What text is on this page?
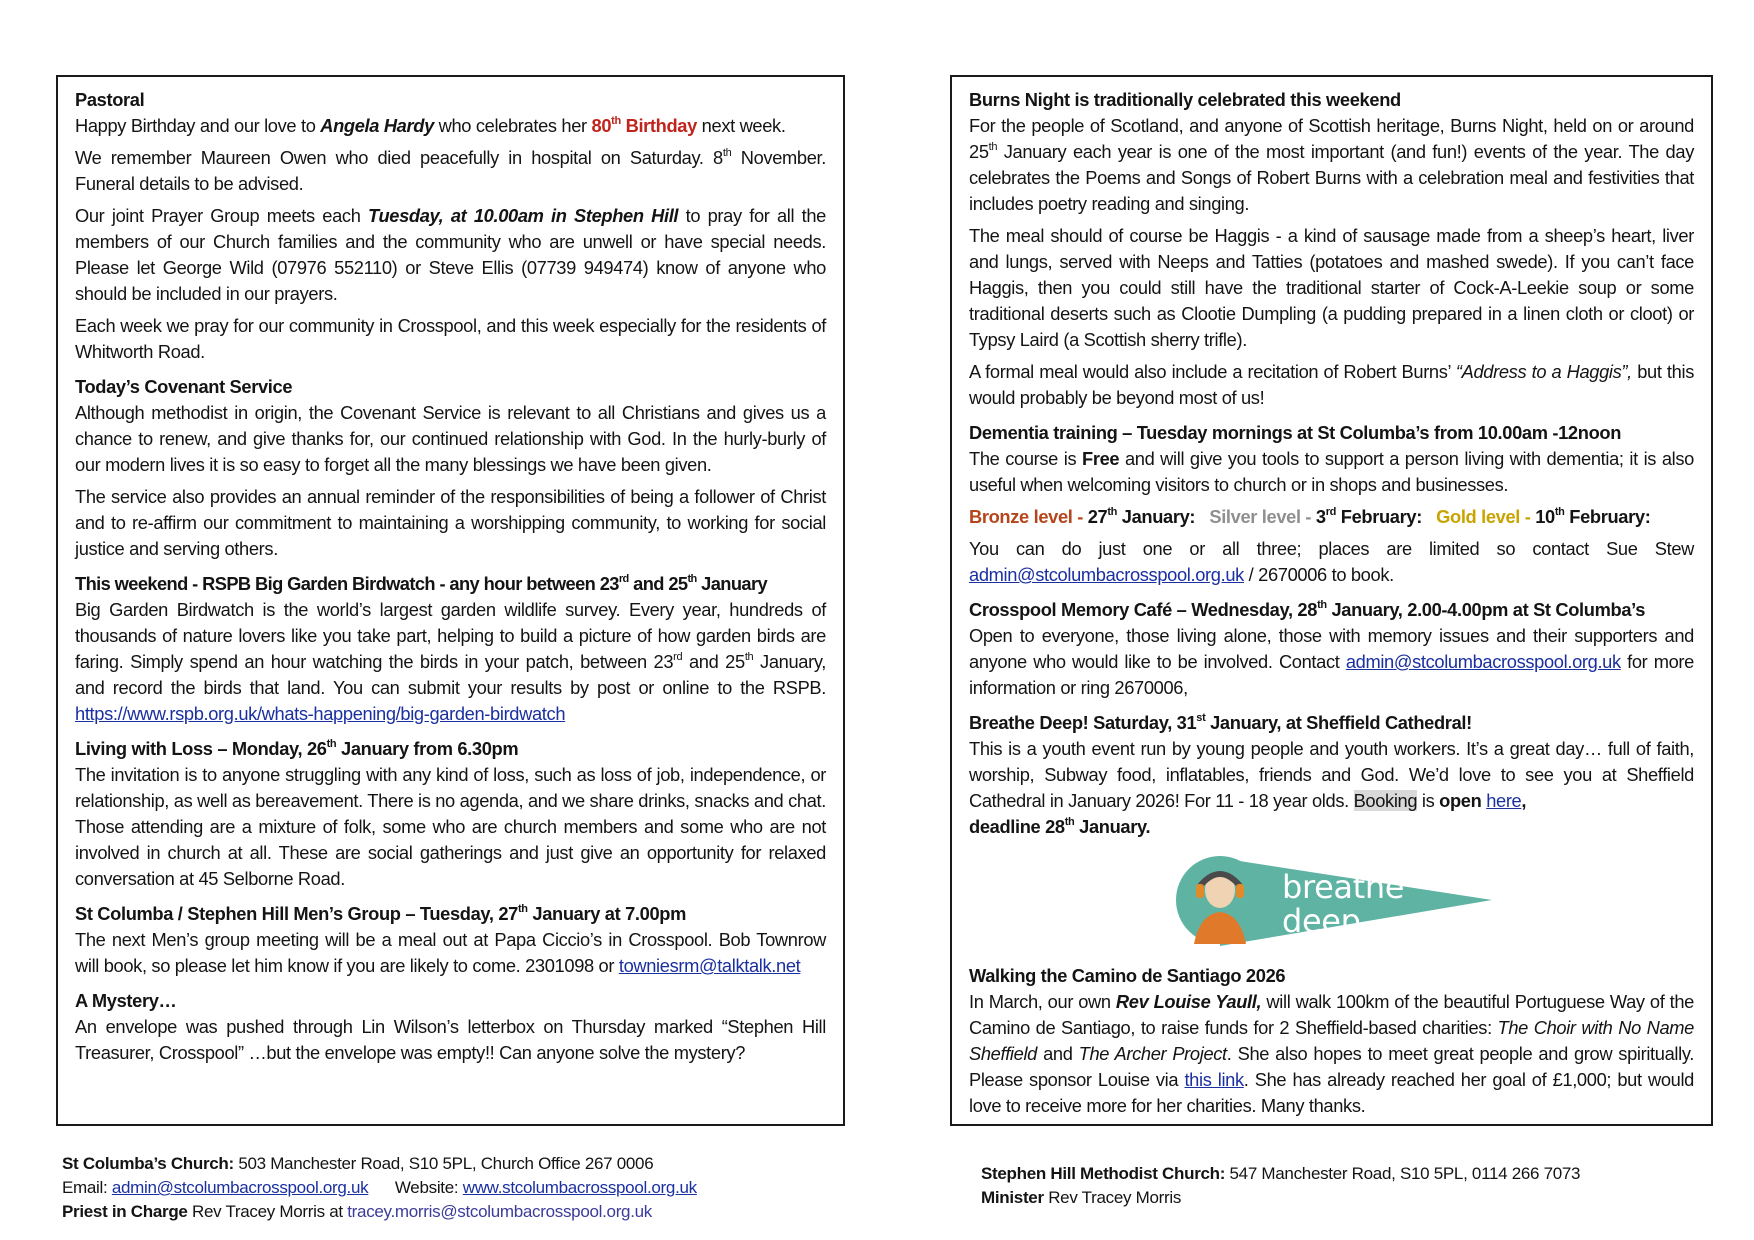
Pastoral

Happy Birthday and our love to Angela Hardy who celebrates her 80th Birthday next week.

We remember Maureen Owen who died peacefully in hospital on Saturday. 8th November. Funeral details to be advised.

Our joint Prayer Group meets each Tuesday, at 10.00am in Stephen Hill to pray for all the members of our Church families and the community who are unwell or have special needs. Please let George Wild (07976 552110) or Steve Ellis (07739 949474) know of anyone who should be included in our prayers.

Each week we pray for our community in Crosspool, and this week especially for the residents of Whitworth Road.

Today’s Covenant Service

Although methodist in origin, the Covenant Service is relevant to all Christians and gives us a chance to renew, and give thanks for, our continued relationship with God. In the hurly-burly of our modern lives it is so easy to forget all the many blessings we have been given.

The service also provides an annual reminder of the responsibilities of being a follower of Christ and to re-affirm our commitment to maintaining a worshipping community, to working for social justice and serving others.

This weekend - RSPB Big Garden Birdwatch - any hour between 23rd and 25th January

Big Garden Birdwatch is the world’s largest garden wildlife survey. Every year, hundreds of thousands of nature lovers like you take part, helping to build a picture of how garden birds are faring. Simply spend an hour watching the birds in your patch, between 23rd and 25th January, and record the birds that land. You can submit your results by post or online to the RSPB. https://www.rspb.org.uk/whats-happening/big-garden-birdwatch

Living with Loss – Monday, 26th January from 6.30pm

The invitation is to anyone struggling with any kind of loss, such as loss of job, independence, or relationship, as well as bereavement. There is no agenda, and we share drinks, snacks and chat. Those attending are a mixture of folk, some who are church members and some who are not involved in church at all. These are social gatherings and just give an opportunity for relaxed conversation at 45 Selborne Road.

St Columba / Stephen Hill Men’s Group – Tuesday, 27th January at 7.00pm

The next Men’s group meeting will be a meal out at Papa Ciccio’s in Crosspool. Bob Townrow will book, so please let him know if you are likely to come. 2301098 or towniesrm@talktalk.net

A Mystery…

An envelope was pushed through Lin Wilson’s letterbox on Thursday marked “Stephen Hill Treasurer, Crosspool” …but the envelope was empty!! Can anyone solve the mystery?

Burns Night is traditionally celebrated this weekend

For the people of Scotland, and anyone of Scottish heritage, Burns Night, held on or around 25th January each year is one of the most important (and fun!) events of the year. The day celebrates the Poems and Songs of Robert Burns with a celebration meal and festivities that includes poetry reading and singing.

The meal should of course be Haggis - a kind of sausage made from a sheep’s heart, liver and lungs, served with Neeps and Tatties (potatoes and mashed swede). If you can’t face Haggis, then you could still have the traditional starter of Cock-A-Leekie soup or some traditional deserts such as Clootie Dumpling (a pudding prepared in a linen cloth or cloot) or Typsy Laird (a Scottish sherry trifle).

A formal meal would also include a recitation of Robert Burns’ “Address to a Haggis”, but this would probably be beyond most of us!

Dementia training – Tuesday mornings at St Columba’s from 10.00am -12noon

The course is Free and will give you tools to support a person living with dementia; it is also useful when welcoming visitors to church or in shops and businesses.

Bronze level - 27th January: Silver level - 3rd February: Gold level - 10th February:

You can do just one or all three; places are limited so contact Sue Stew admin@stcolumbacrosspool.org.uk / 2670006 to book.

Crosspool Memory Café – Wednesday, 28th January, 2.00-4.00pm at St Columba’s

Open to everyone, those living alone, those with memory issues and their supporters and anyone who would like to be involved. Contact admin@stcolumbacrosspool.org.uk for more information or ring 2670006,

Breathe Deep! Saturday, 31st January, at Sheffield Cathedral!

This is a youth event run by young people and youth workers. It’s a great day… full of faith, worship, Subway food, inflatables, friends and God. We’d love to see you at Sheffield Cathedral in January 2026! For 11 - 18 year olds. Booking is open here,

deadline 28th January.

breathe
deep
Walking the Camino de Santiago 2026

In March, our own Rev Louise Yaull, will walk 100km of the beautiful Portuguese Way of the Camino de Santiago, to raise funds for 2 Sheffield-based charities: The Choir with No Name Sheffield and The Archer Project. She also hopes to meet great people and grow spiritually. Please sponsor Louise via this link. She has already reached her goal of £1,000; but would love to receive more for her charities. Many thanks.

St Columba’s Church: 503 Manchester Road, S10 5PL, Church Office 267 0006
Email: admin@stcolumbacrosspool.org.uk      Website: www.stcolumbacrosspool.org.uk
Priest in Charge Rev Tracey Morris at tracey.morris@stcolumbacrosspool.org.uk
Stephen Hill Methodist Church: 547 Manchester Road, S10 5PL, 0114 266 7073
Minister Rev Tracey Morris
